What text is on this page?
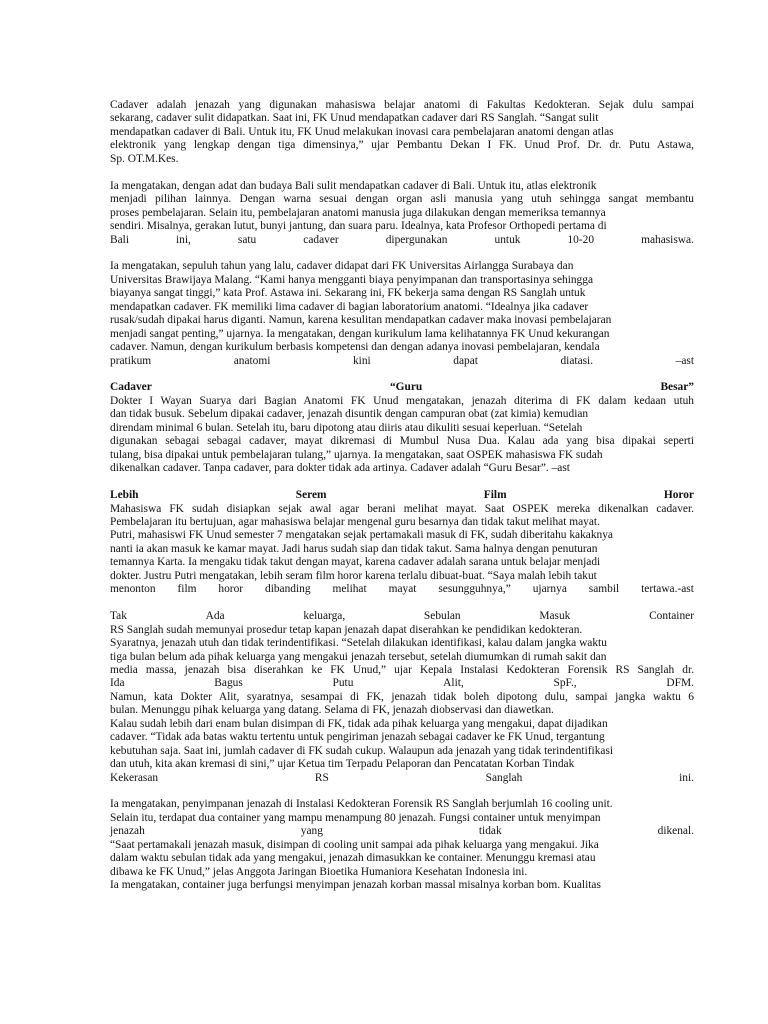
Cadaver adalah jenazah yang digunakan mahasiswa belajar anatomi di Fakultas Kedokteran. Sejak dulu sampai
sekarang, cadaver sulit didapatkan. Saat ini, FK Unud mendapatkan cadaver dari RS Sanglah. “Sangat sulit
mendapatkan cadaver di Bali. Untuk itu, FK Unud melakukan inovasi cara pembelajaran anatomi dengan atlas
elektronik yang lengkap dengan tiga dimensinya,” ujar Pembantu Dekan I FK. Unud Prof. Dr. dr. Putu Astawa,
Sp. OT.M.Kes.
Ia mengatakan, dengan adat dan budaya Bali sulit mendapatkan cadaver di Bali. Untuk itu, atlas elektronik
menjadi pilihan lainnya. Dengan warna sesuai dengan organ asli manusia yang utuh sehingga sangat membantu
proses pembelajaran. Selain itu, pembelajaran anatomi manusia juga dilakukan dengan memeriksa temannya
sendiri. Misalnya, gerakan lutut, bunyi jantung, dan suara paru. Idealnya, kata Profesor Orthopedi pertama di
Bali	ini,	satu	cadaver	dipergunakan	untuk	10-20	mahasiswa.
Ia mengatakan, sepuluh tahun yang lalu, cadaver didapat dari FK Universitas Airlangga Surabaya dan
Universitas Brawijaya Malang. “Kami hanya mengganti biaya penyimpanan dan transportasinya sehingga
biayanya sangat tinggi,” kata Prof. Astawa ini. Sekarang ini, FK bekerja sama dengan RS Sanglah untuk
mendapatkan cadaver. FK memiliki lima cadaver di bagian laboratorium anatomi. “Idealnya jika cadaver
rusak/sudah dipakai harus diganti. Namun, karena kesulitan mendapatkan cadaver maka inovasi pembelajaran
menjadi sangat penting,” ujarnya. Ia mengatakan, dengan kurikulum lama kelihatannya FK Unud kekurangan
cadaver. Namun, dengan kurikulum berbasis kompetensi dan dengan adanya inovasi pembelajaran, kendala
pratikum	anatomi	kini	dapat	diatasi.	–ast
Cadaver	“Guru	Besar”
Dokter I Wayan Suarya dari Bagian Anatomi FK Unud mengatakan, jenazah diterima di FK dalam kedaan utuh
dan tidak busuk. Sebelum dipakai cadaver, jenazah disuntik dengan campuran obat (zat kimia) kemudian
direndam minimal 6 bulan. Setelah itu, baru dipotong atau diiris atau dikuliti sesuai keperluan. “Setelah
digunakan sebagai sebagai cadaver, mayat dikremasi di Mumbul Nusa Dua. Kalau ada yang bisa dipakai seperti
tulang, bisa dipakai untuk pembelajaran tulang,” ujarnya. Ia mengatakan, saat OSPEK mahasiswa FK sudah
dikenalkan cadaver. Tanpa cadaver, para dokter tidak ada artinya. Cadaver adalah “Guru Besar”. –ast
Lebih	Serem	Film	Horor
Mahasiswa FK sudah disiapkan sejak awal agar berani melihat mayat. Saat OSPEK mereka dikenalkan cadaver.
Pembelajaran itu bertujuan, agar mahasiswa belajar mengenal guru besarnya dan tidak takut melihat mayat.
Putri, mahasiswi FK Unud semester 7 mengatakan sejak pertamakali masuk di FK, sudah diberitahu kakaknya
nanti ia akan masuk ke kamar mayat. Jadi harus sudah siap dan tidak takut. Sama halnya dengan penuturan
temannya Karta. Ia mengaku tidak takut dengan mayat, karena cadaver adalah sarana untuk belajar menjadi
dokter. Justru Putri mengatakan, lebih seram film horor karena terlalu dibuat-buat. “Saya malah lebih takut
menonton film horor dibanding melihat mayat sesungguhnya,” ujarnya sambil tertawa.-ast
Tak	Ada	keluarga,	Sebulan	Masuk	Container
RS Sanglah sudah memunyai prosedur tetap kapan jenazah dapat diserahkan ke pendidikan kedokteran.
Syaratnya, jenazah utuh dan tidak terindentifikasi. “Setelah dilakukan identifikasi, kalau dalam jangka waktu
tiga bulan belum ada pihak keluarga yang mengakui jenazah tersebut, setelah diumumkan di rumah sakit dan
media massa, jenazah bisa diserahkan ke FK Unud,” ujar Kepala Instalasi Kedokteran Forensik RS Sanglah dr.
Ida	Bagus	Putu	Alit,	SpF.,	DFM.
Namun, kata Dokter Alit, syaratnya, sesampai di FK, jenazah tidak boleh dipotong dulu, sampai jangka waktu 6
bulan. Menunggu pihak keluarga yang datang. Selama di FK, jenazah diobservasi dan diawetkan.
Kalau sudah lebih dari enam bulan disimpan di FK, tidak ada pihak keluarga yang mengakui, dapat dijadikan
cadaver. “Tidak ada batas waktu tertentu untuk pengiriman jenazah sebagai cadaver ke FK Unud, tergantung
kebutuhan saja. Saat ini, jumlah cadaver di FK sudah cukup. Walaupun ada jenazah yang tidak terindentifikasi
dan utuh, kita akan kremasi di sini,” ujar Ketua tim Terpadu Pelaporan dan Pencatatan Korban Tindak
Kekerasan	RS	Sanglah	ini.
Ia mengatakan, penyimpanan jenazah di Instalasi Kedokteran Forensik RS Sanglah berjumlah 16 cooling unit.
Selain itu, terdapat dua container yang mampu menampung 80 jenazah. Fungsi container untuk menyimpan
jenazah	yang	tidak	dikenal.
“Saat pertamakali jenazah masuk, disimpan di cooling unit sampai ada pihak keluarga yang mengakui. Jika
dalam waktu sebulan tidak ada yang mengakui, jenazah dimasukkan ke container. Menunggu kremasi atau
dibawa ke FK Unud,” jelas Anggota Jaringan Bioetika Humaniora Kesehatan Indonesia ini.
Ia mengatakan, container juga berfungsi menyimpan jenazah korban massal misalnya korban bom. Kualitas
